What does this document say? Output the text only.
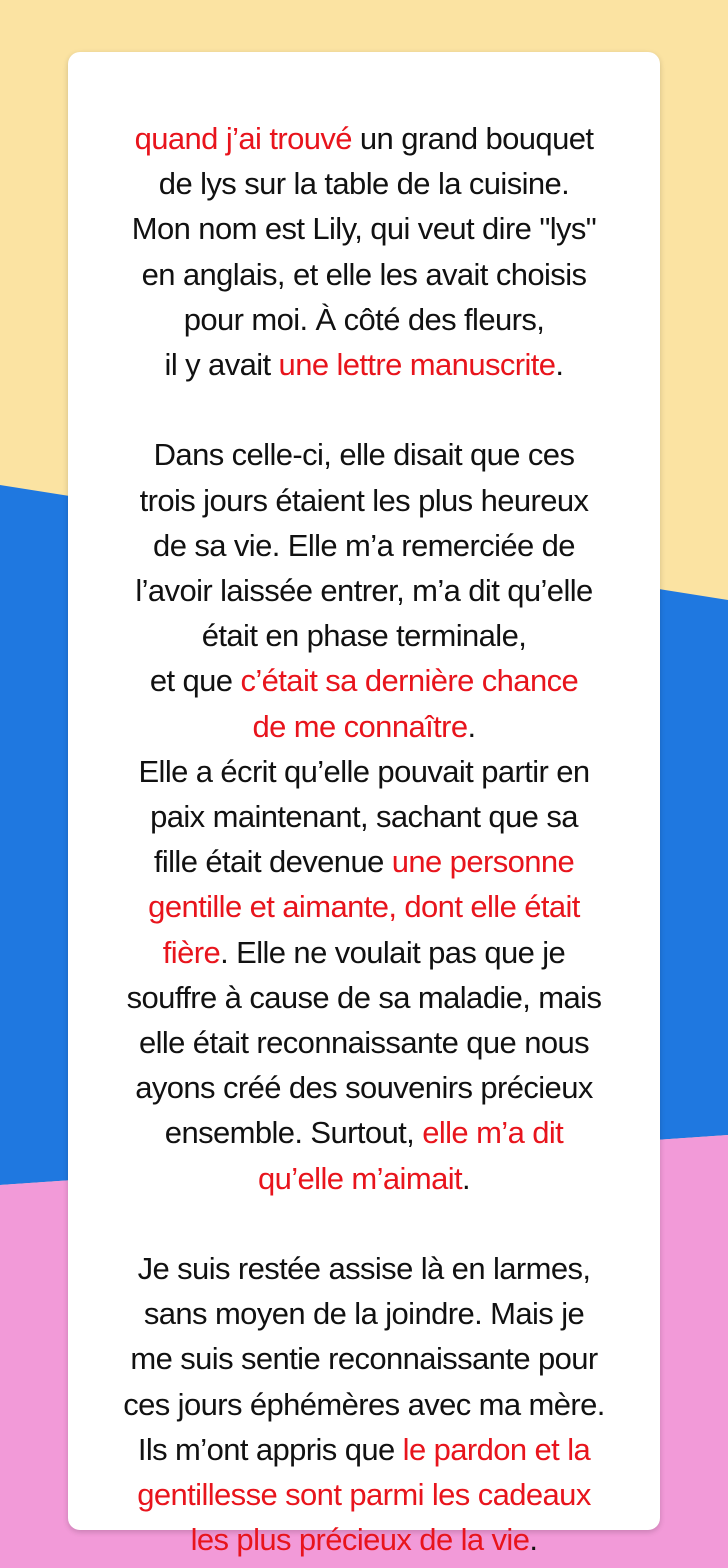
quand j’ai trouvé un grand bouquet
de lys sur la table de la cuisine.
Mon nom est Lily, qui veut dire "lys"
en anglais, et elle les avait choisis
pour moi. À côté des fleurs,
il y avait une lettre manuscrite.
Dans celle-ci, elle disait que ces
trois jours étaient les plus heureux
de sa vie. Elle m’a remerciée de
l’avoir laissée entrer, m’a dit qu’elle
était en phase terminale,
et que c’était sa dernière chance
de me connaître.
Elle a écrit qu’elle pouvait partir en
paix maintenant, sachant que sa
fille était devenue une personne
gentille et aimante, dont elle était
fière. Elle ne voulait pas que je
souffre à cause de sa maladie, mais
elle était reconnaissante que nous
ayons créé des souvenirs précieux
ensemble. Surtout, elle m’a dit
qu’elle m’aimait.
Je suis restée assise là en larmes,
sans moyen de la joindre. Mais je
me suis sentie reconnaissante pour
ces jours éphémères avec ma mère.
Ils m’ont appris que le pardon et la
gentillesse sont parmi les cadeaux
les plus précieux de la vie.
